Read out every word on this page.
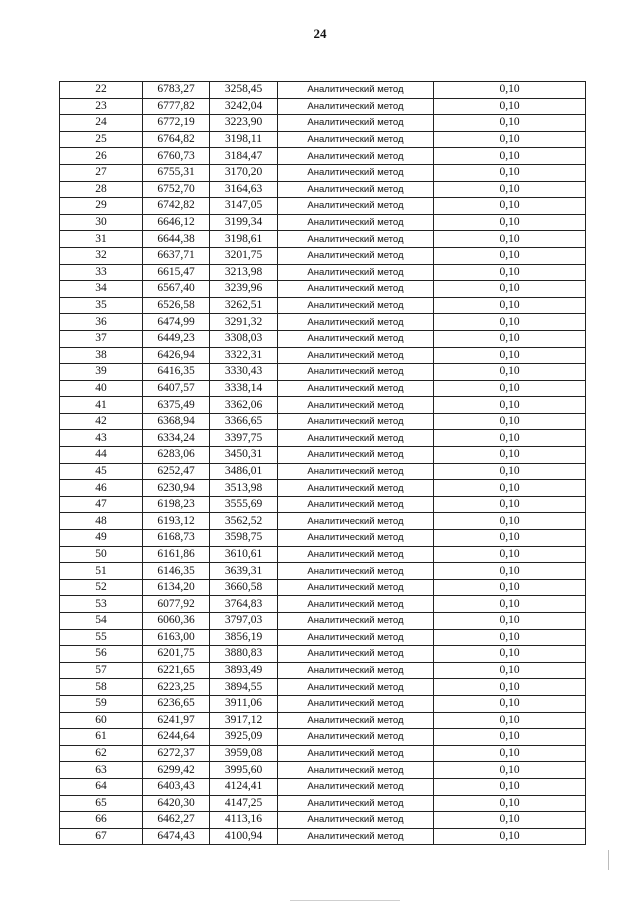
24
22	6783,27	3258,45	Аналитический метод	0,10
23	6777,82	3242,04	Аналитический метод	0,10
24	6772,19	3223,90	Аналитический метод	0,10
25	6764,82	3198,11	Аналитический метод	0,10
26	6760,73	3184,47	Аналитический метод	0,10
27	6755,31	3170,20	Аналитический метод	0,10
28	6752,70	3164,63	Аналитический метод	0,10
29	6742,82	3147,05	Аналитический метод	0,10
30	6646,12	3199,34	Аналитический метод	0,10
31	6644,38	3198,61	Аналитический метод	0,10
32	6637,71	3201,75	Аналитический метод	0,10
33	6615,47	3213,98	Аналитический метод	0,10
34	6567,40	3239,96	Аналитический метод	0,10
35	6526,58	3262,51	Аналитический метод	0,10
36	6474,99	3291,32	Аналитический метод	0,10
37	6449,23	3308,03	Аналитический метод	0,10
38	6426,94	3322,31	Аналитический метод	0,10
39	6416,35	3330,43	Аналитический метод	0,10
40	6407,57	3338,14	Аналитический метод	0,10
41	6375,49	3362,06	Аналитический метод	0,10
42	6368,94	3366,65	Аналитический метод	0,10
43	6334,24	3397,75	Аналитический метод	0,10
44	6283,06	3450,31	Аналитический метод	0,10
45	6252,47	3486,01	Аналитический метод	0,10
46	6230,94	3513,98	Аналитический метод	0,10
47	6198,23	3555,69	Аналитический метод	0,10
48	6193,12	3562,52	Аналитический метод	0,10
49	6168,73	3598,75	Аналитический метод	0,10
50	6161,86	3610,61	Аналитический метод	0,10
51	6146,35	3639,31	Аналитический метод	0,10
52	6134,20	3660,58	Аналитический метод	0,10
53	6077,92	3764,83	Аналитический метод	0,10
54	6060,36	3797,03	Аналитический метод	0,10
55	6163,00	3856,19	Аналитический метод	0,10
56	6201,75	3880,83	Аналитический метод	0,10
57	6221,65	3893,49	Аналитический метод	0,10
58	6223,25	3894,55	Аналитический метод	0,10
59	6236,65	3911,06	Аналитический метод	0,10
60	6241,97	3917,12	Аналитический метод	0,10
61	6244,64	3925,09	Аналитический метод	0,10
62	6272,37	3959,08	Аналитический метод	0,10
63	6299,42	3995,60	Аналитический метод	0,10
64	6403,43	4124,41	Аналитический метод	0,10
65	6420,30	4147,25	Аналитический метод	0,10
66	6462,27	4113,16	Аналитический метод	0,10
67	6474,43	4100,94	Аналитический метод	0,10
